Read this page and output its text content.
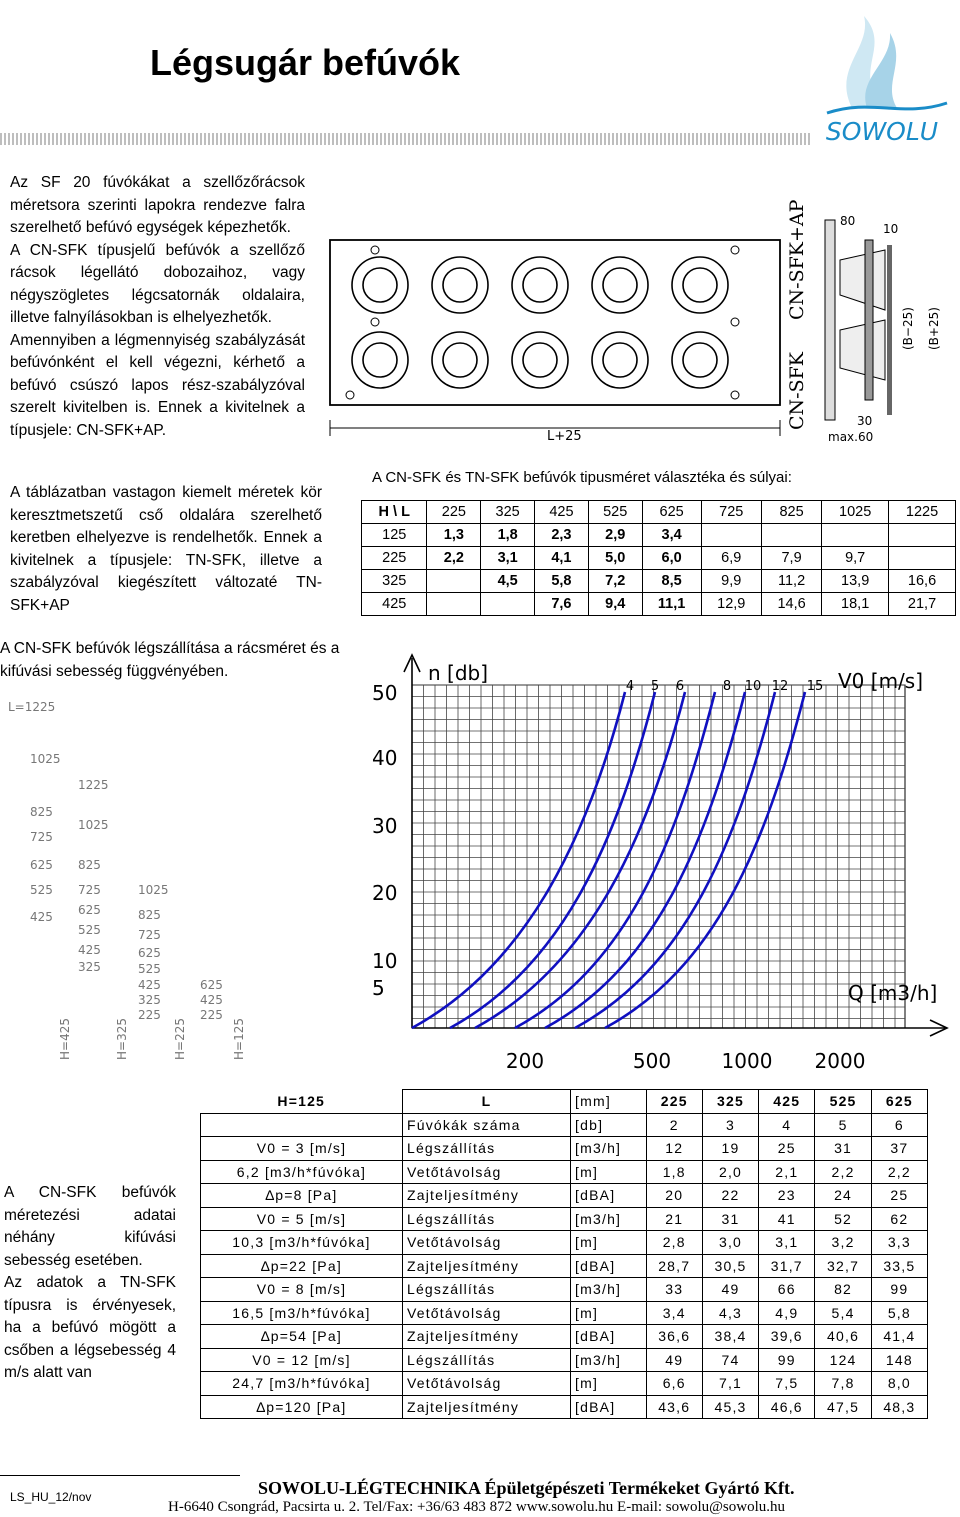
Légsugár befúvók
SOWOLU

Az SF 20 fúvókákat a szellőzőrácsok méretsora szerinti lapokra rendezve falra szerelhető befúvó egységek képezhetők.

A CN-SFK típusjelű befúvók a szellőző rácsok légellátó dobozaihoz, vagy négyszögletes légcsatornák oldalaira, illetve falnyílásokban is elhelyezhetők.

Amennyiben a légmennyiség szabályzását befúvónként el kell végezni, kérhető a befúvó csúszó lapos rész-szabályzóval szerelt kivitelben is. Ennek a kivitelnek a típusjele: CN-SFK+AP.

A táblázatban vastagon kiemelt méretek kör keresztmetszetű cső oldalára szerelhető keretben elhelyezve is rendelhetők. Ennek a kivitelnek a típusjele: TN-SFK, illetve a szabályzóval kiegészített változaté TN-SFK+AP

L+25
CN-SFK+AP
CN-SFK
80
10
(B−25) (B+25)
30
max.60
A CN-SFK és TN-SFK befúvók tipusméret választéka és súlyai:
H \ L	225	325	425	525	625	725	825	1025	1225
125	1,3	1,8	2,3	2,9	3,4				
225	2,2	3,1	4,1	5,0	6,0	6,9	7,9	9,7	
325		4,5	5,8	7,2	8,5	9,9	11,2	13,9	16,6
425			7,6	9,4	11,1	12,9	14,6	18,1	21,7
A CN-SFK befúvók légszállítása a rácsméret és a kifúvási sebesség függvényében.
L=1225
1025
825
725
625
525
425
1225
1025
825
725
625
525
425
325
1025
825
725
625
525
425
325
225
625
425
225
H=425	H=325	H=225	H=125
50
40
30
20
10
5
200	500	1000 2000
n [db]
Q [m3/h]
4 5 6	8 10 12 15 V0 [m/s]

A CN-SFK befúvók méretezési adatai néhány kifúvási sebesség esetében.

Az adatok a TN-SFK típusra is érvényesek, ha a befúvó mögött a csőben a légsebesség 4 m/s alatt van

H=125	L	[mm]	225	325	425	525	625
	Fúvókák száma	[db]	2	3	4	5	6
V0 = 3 [m/s]	Légszállítás	[m3/h]	12	19	25	31	37
6,2 [m3/h*fúvóka]	Vetőtávolság	[m]	1,8	2,0	2,1	2,2	2,2
∆p=8 [Pa]	Zajteljesítmény	[dBA]	20	22	23	24	25
V0 = 5 [m/s]	Légszállítás	[m3/h]	21	31	41	52	62
10,3 [m3/h*fúvóka]	Vetőtávolság	[m]	2,8	3,0	3,1	3,2	3,3
∆p=22 [Pa]	Zajteljesítmény	[dBA]	28,7	30,5	31,7	32,7	33,5
V0 = 8 [m/s]	Légszállítás	[m3/h]	33	49	66	82	99
16,5 [m3/h*fúvóka]	Vetőtávolság	[m]	3,4	4,3	4,9	5,4	5,8
∆p=54 [Pa]	Zajteljesítmény	[dBA]	36,6	38,4	39,6	40,6	41,4
V0 = 12 [m/s]	Légszállítás	[m3/h]	49	74	99	124	148
24,7 [m3/h*fúvóka]	Vetőtávolság	[m]	6,6	7,1	7,5	7,8	8,0
∆p=120 [Pa]	Zajteljesítmény	[dBA]	43,6	45,3	46,6	47,5	48,3
LS_HU_12/nov	SOWOLU-LÉGTECHNIKA Épületgépészeti Termékeket Gyártó Kft.
H-6640 Csongrád, Pacsirta u. 2. Tel/Fax: +36/63 483 872 www.sowolu.hu E-mail: sowolu@sowolu.hu
